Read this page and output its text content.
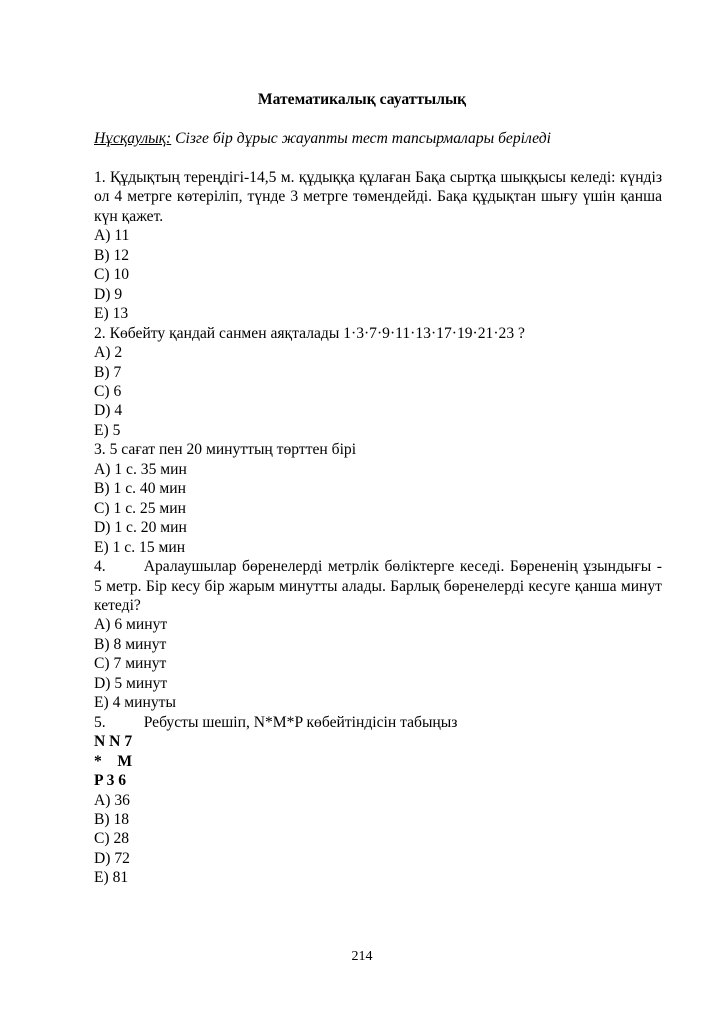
Математикалық сауаттылық

Нұсқаулық: Сізге бір дұрыс жауапты тест тапсырмалары беріледі

1. Құдықтың тереңдігі-14,5 м. құдыққа құлаған Бақа сыртқа шыққысы келеді: күндіз ол 4 метрге көтеріліп, түнде 3 метрге төмендейді. Бақа құдықтан шығу үшін қанша күн қажет.
A) 11
B) 12
C) 10
D) 9
E) 13
2. Көбейту қандай санмен аяқталады 1·3·7·9·11·13·17·19·21·23 ?
A) 2
B) 7
C) 6
D) 4
E) 5
3. 5 сағат пен 20 минуттың төрттен бірі
A) 1 с. 35 мин
B) 1 с. 40 мин
C) 1 с. 25 мин
D) 1 с. 20 мин
E) 1 с. 15 мин
4. Аралаушылар бөренелерді метрлік бөліктерге кеседі. Бөрененің ұзындығы - 5 метр. Бір кесу бір жарым минутты алады. Барлық бөренелерді кесуге қанша минут кетеді?
A) 6 минут
B) 8 минут
C) 7 минут
D) 5 минут
E) 4 минуты
5. Ребусты шешіп, N*M*P көбейтіндісін табыңыз
N N 7
*    M
P 3 6
A) 36
B) 18
C) 28
D) 72
E) 81
214
